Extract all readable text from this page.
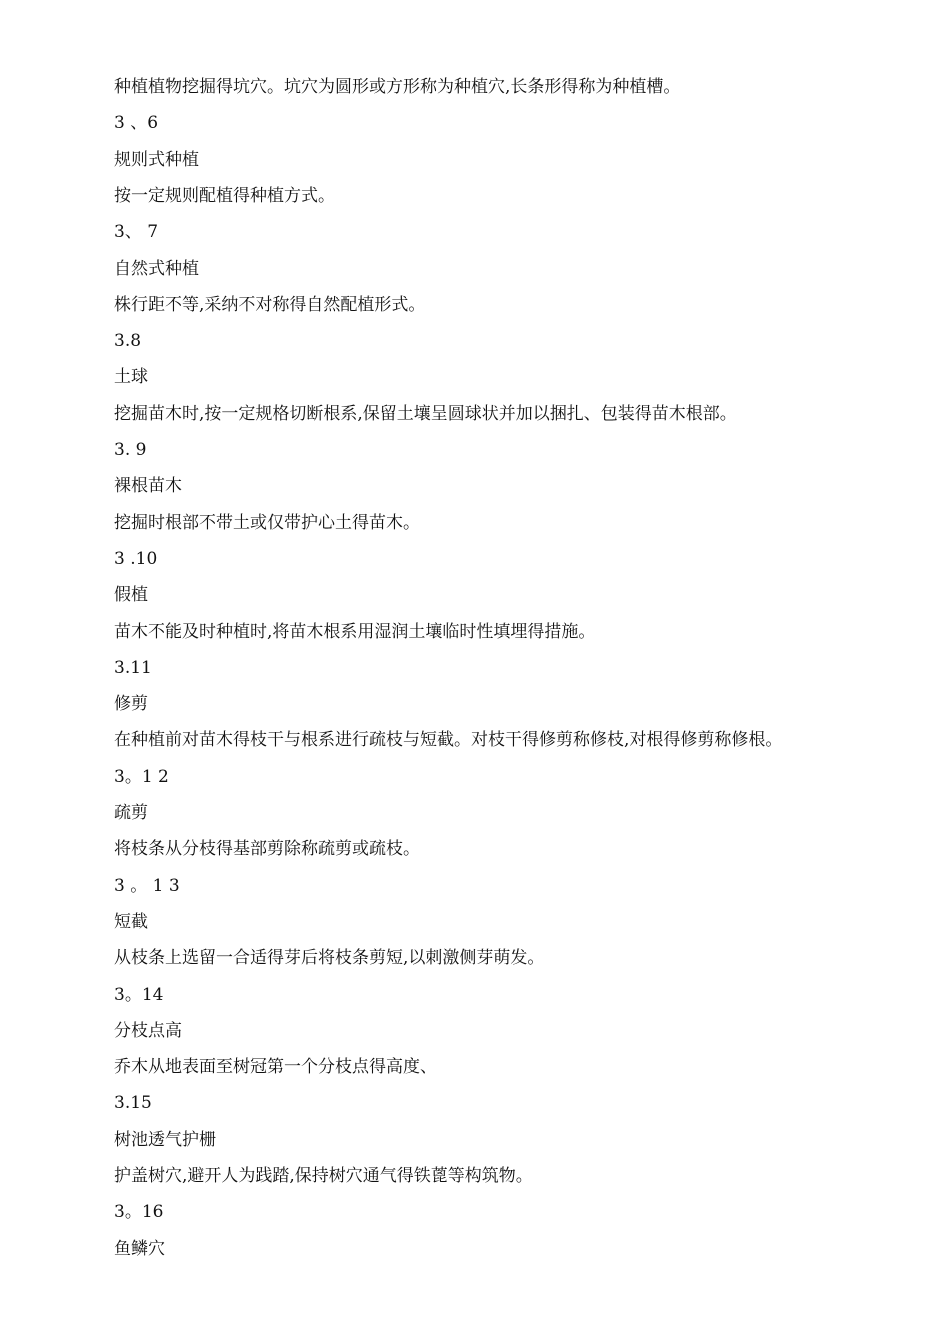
种植植物挖掘得坑穴。坑穴为圆形或方形称为种植穴,长条形得称为种植槽。
3 、6
规则式种植
按一定规则配植得种植方式。
3、 7
自然式种植
株行距不等,采纳不对称得自然配植形式。
3.8
土球
挖掘苗木时,按一定规格切断根系,保留土壤呈圆球状并加以捆扎、包装得苗木根部。
3. 9
裸根苗木
挖掘时根部不带土或仅带护心土得苗木。
3 .10
假植
苗木不能及时种植时,将苗木根系用湿润土壤临时性填埋得措施。
3.11
修剪
在种植前对苗木得枝干与根系进行疏枝与短截。对枝干得修剪称修枝,对根得修剪称修根。
3。1 2
疏剪
将枝条从分枝得基部剪除称疏剪或疏枝。
3 。 1 3
短截
从枝条上选留一合适得芽后将枝条剪短,以刺激侧芽萌发。
3。14
分枝点高
乔木从地表面至树冠第一个分枝点得高度、
3.15
树池透气护栅
护盖树穴,避开人为践踏,保持树穴通气得铁蓖等构筑物。
3。16
鱼鳞穴
